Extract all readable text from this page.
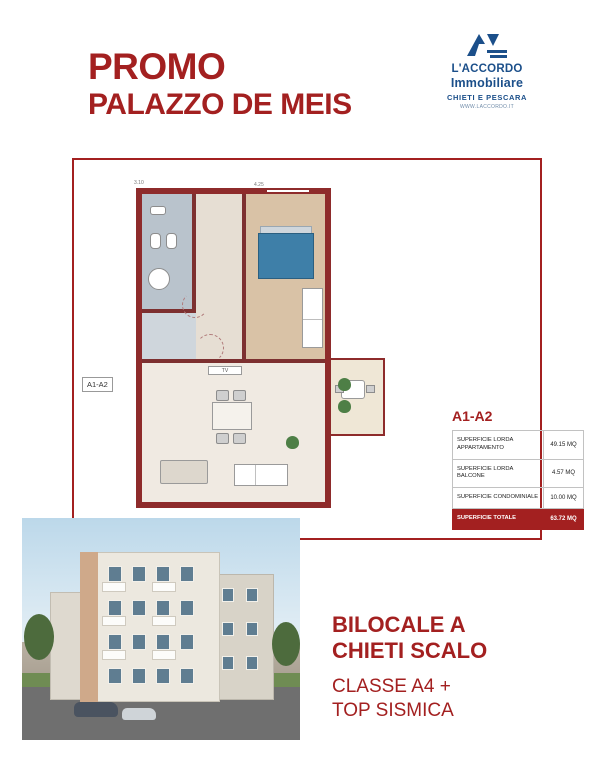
PROMO
PALAZZO DE MEIS
L'ACCORDO
Immobiliare
CHIETI E PESCARA
WWW.LACCORDO.IT
A1-A2
TV
4.25
3.10
A1-A2
SUPERFICIE LORDA APPARTAMENTO	49.15 MQ
SUPERFICIE LORDA BALCONE	4.57 MQ
SUPERFICIE CONDOMINIALE	10.00 MQ
SUPERFICIE TOTALE	63.72 MQ
BILOCALE A
CHIETI SCALO
CLASSE A4 +
TOP SISMICA
